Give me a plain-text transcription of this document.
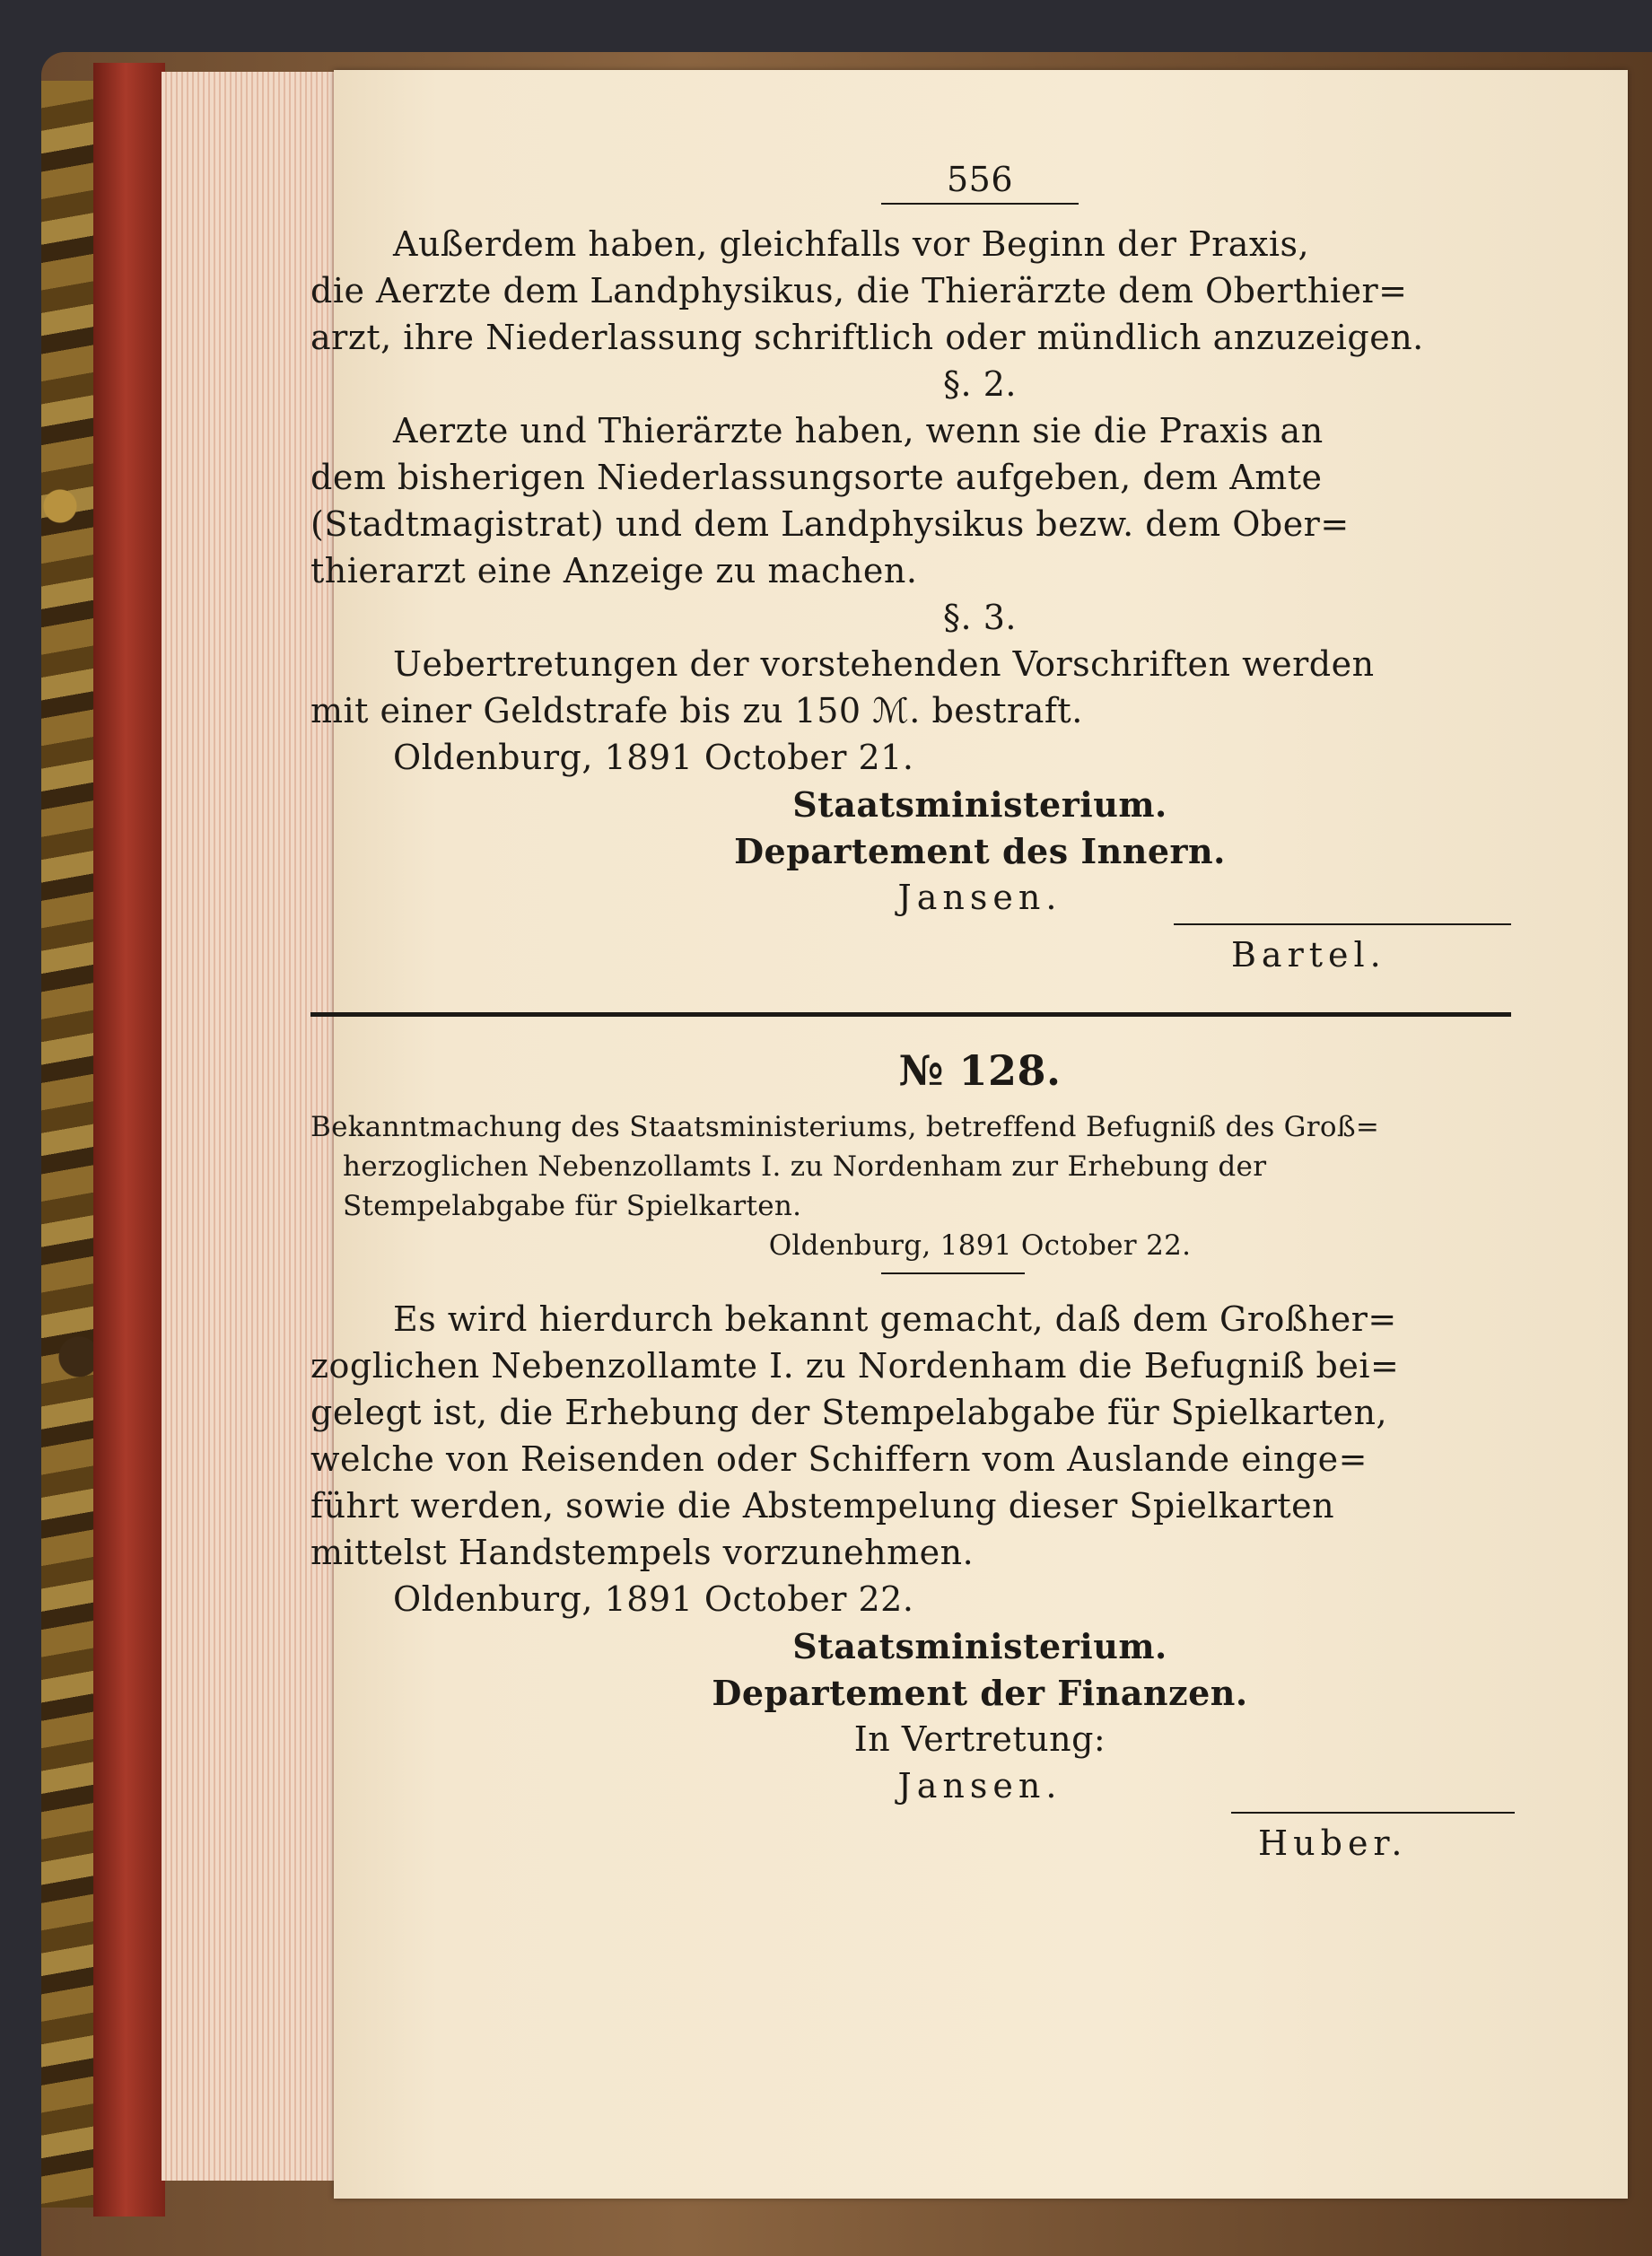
556
Außerdem haben, gleichfalls vor Beginn der Praxis,
die Aerzte dem Landphysikus, die Thierärzte dem Oberthier=
arzt, ihre Niederlassung schriftlich oder mündlich anzuzeigen.
§. 2.
Aerzte und Thierärzte haben, wenn sie die Praxis an
dem bisherigen Niederlassungsorte aufgeben, dem Amte
(Stadtmagistrat) und dem Landphysikus bezw. dem Ober=
thierarzt eine Anzeige zu machen.
§. 3.
Uebertretungen der vorstehenden Vorschriften werden
mit einer Geldstrafe bis zu 150 ℳ. bestraft.
Oldenburg, 1891 October 21.
Staatsministerium.
Departement des Innern.
Jansen.
Bartel.
№ 128.
Bekanntmachung des Staatsministeriums, betreffend Befugniß des Groß=
herzoglichen Nebenzollamts I. zu Nordenham zur Erhebung der
Stempelabgabe für Spielkarten.
Oldenburg, 1891 October 22.
Es wird hierdurch bekannt gemacht, daß dem Großher=
zoglichen Nebenzollamte I. zu Nordenham die Befugniß bei=
gelegt ist, die Erhebung der Stempelabgabe für Spielkarten,
welche von Reisenden oder Schiffern vom Auslande einge=
führt werden, sowie die Abstempelung dieser Spielkarten
mittelst Handstempels vorzunehmen.
Oldenburg, 1891 October 22.
Staatsministerium.
Departement der Finanzen.
In Vertretung:
Jansen.
Huber.
